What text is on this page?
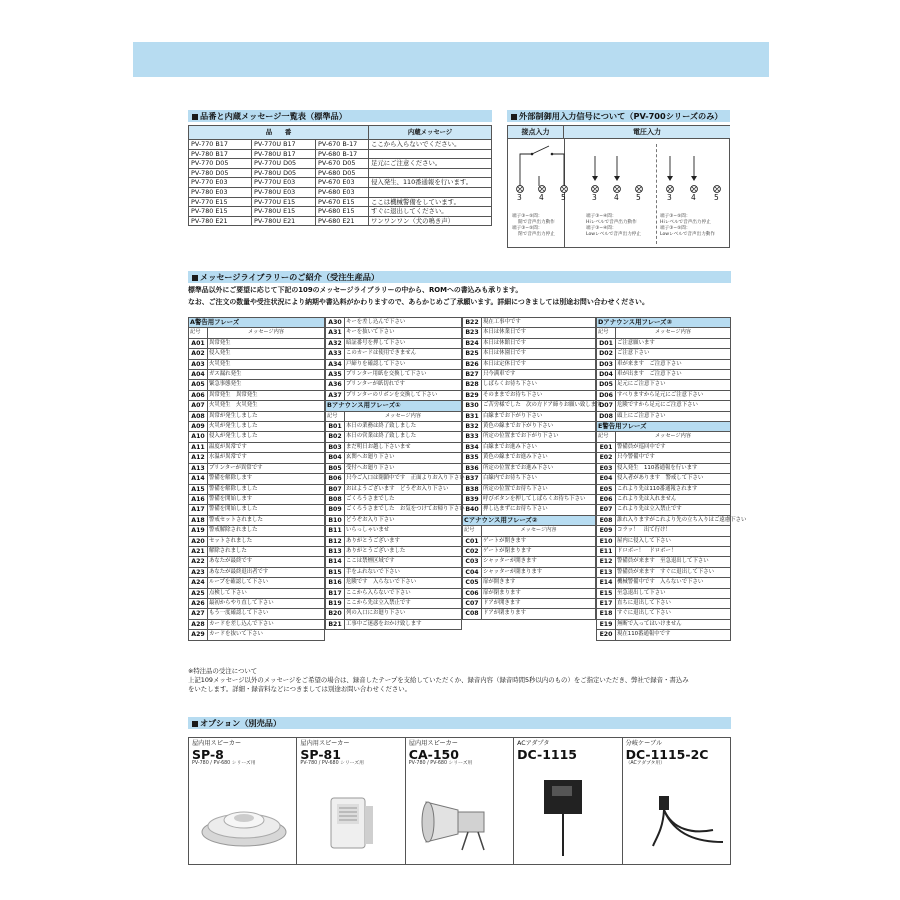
品番と内蔵メッセージ一覧表（標準品）	外部制御用入力信号について（PV-700シリーズのみ）
メッセージライブラリーのご紹介（受注生産品）
オプション（別売品）
品　　番			内蔵メッセージ
PV-770 B17	PV-770U B17	PV-670 B-17	ここから入らないでください。
PV-780 B17	PV-780U B17	PV-680 B-17	
PV-770 D05	PV-770U D05	PV-670 D05	足元にご注意ください。
PV-780 D05	PV-780U D05	PV-680 D05	
PV-770 E03	PV-770U E03	PV-670 E03	侵入発生、110番通報を行います。
PV-780 E03	PV-780U E03	PV-680 E03	
PV-770 E15	PV-770U E15	PV-670 E15	ここは機械警備をしています。
PV-780 E15	PV-780U E15	PV-680 E15	すぐに退出してください。
PV-780 E21	PV-780U E21	PV-680 E21	ワンワンワン（犬の鳴き声）
接点入力	電圧入力
3 4 5	3 4 5	3	4 5
端子③−⑤間：
開で音声出力動作
端子③−⑤間：
閉で音声出力停止
端子③−④間：
Hiレベルで音声出力動作
端子③−④間：
Lowレベルで音声出力停止
端子③−⑤間：
Hiレベルで音声出力停止
端子③−⑤間：
Lowレベルで音声出力動作
標準品以外にご要望に応じて下記の109のメッセージライブラリーの中から、ROMへの書込みも承ります。
なお、ご注文の数量や受注状況により納期や書込料がかわりますので、あらかじめご了承願います。詳細につきましては別途お問い合わせください。
A警告用フレーズ	
記号	メッセージ内容
A01	異常発生
A02	侵入発生
A03	火災発生
A04	ガス漏れ発生
A05	緊急事態発生
A06	異常発生　異常発生
A07	火災発生　火災発生
A08	異常が発生しました
A09	火災が発生しました
A10	侵入が発生しました
A11	温度が異常です
A12	水温が異常です
A13	プリンターが異常です
A14	警備を解除します
A15	警備を解除しました
A16	警備を開始します
A17	警備を開始しました
A18	警戒セットされました
A19	警戒解除されました
A20	セットされました
A21	解除されました
A22	あなたが最終です
A23	あなたが最終退出者です
A24	ループを確認して下さい
A25	点検して下さい
A26	最初からやり直して下さい
A27	もう一度確認して下さい
A28	カードを差し込んで下さい
A29	カードを抜いて下さい
A30	キーを差し込んで下さい
A31	キーを抜いて下さい
A32	暗証番号を押して下さい
A33	このカードは使用できません
A34	戸締りを確認して下さい
A35	プリンター用紙を交換して下さい
A36	プリンターが紙切れです
A37	プリンターのリボンを交換して下さい
Bアナウンス用フレーズ①	
記号	メッセージ内容
B01	本日の業務は終了致しました
B02	本日の営業は終了致しました
B03	まだ明日お越し下さいませ
B04	玄関へお廻り下さい
B05	受付へお廻り下さい
B06	只今ご入口は閉鎖中です　正面よりお入り下さい
B07	おはようございます　どうぞお入り下さい
B08	ごくろうさまでした
B09	ごくろうさまでした　お気をつけてお帰り下さい
B10	どうぞお入り下さい
B11	いらっしゃいませ
B12	ありがとうございます
B13	ありがとうございました
B14	ここは禁煙区域です
B15	手をふれないで下さい
B16	危険です　入らないで下さい
B17	ここから入らないで下さい
B19	ここから先は立入禁止です
B20	列の入口にお廻り下さい
B21	工事中ご迷惑をおかけ致します
B22	現在工事中です
B23	本日は休業日です
B24	本日は休館日です
B25	本日は休園日です
B26	本日は定休日です
B27	只今满車です
B28	しばらくお待ち下さい
B29	そのままでお待ち下さい
B30	ご苦労様でした　次の方ドア締りお願い致します
B31	白線までお下がり下さい
B32	黄色の線までお下がり下さい
B33	所定の位置までお下がり下さい
B34	白線までお進み下さい
B35	黄色の線までお進み下さい
B36	所定の位置までお進み下さい
B37	白線内でお待ち下さい
B38	所定の位置でお待ち下さい
B39	呼びボタンを押してしばらくお待ち下さい
B40	押し込まずにお待ち下さい
Cアナウンス用フレーズ②	
記号	メッセージ内容
C01	ゲートが開きます
C02	ゲートが閉まります
C03	シャッターが開きます
C04	シャッターが閉まります
C05	扉が開きます
C06	扉が閉まります
C07	ドアが開きます
C08	ドアが閉まります
Dアナウンス用フレーズ③	
記号	メッセージ内容
D01	ご注意願います
D02	ご注意下さい
D03	車が来ます　ご注意下さい
D04	車が出ます　ご注意下さい
D05	足元にご注意下さい
D06	すべりますから足元にご注意下さい
D07	危険ですから足元にご注意下さい
D08	頭上にご注意下さい
E警告用フレーズ	
記号	メッセージ内容
E01	警備員が巡回中です
E02	只今警備中です
E03	侵入発生　110番通報を行います
E04	侵入者があります　警戒して下さい
E05	これより先は110番通報されます
E06	これより先は入れません
E07	これより先は立入禁止です
E08	誰れ入りますがこれより先の立ち入りはご遠慮下さい
E09	コラッ！　出て行け！
E10	屋内に侵入して下さい
E11	ドロボー！　ドロボー！
E12	警備員が来ます　至急退出して下さい
E13	警備員が来ます　すぐに退出して下さい
E14	機械警備中です　入らないで下さい
E15	至急退出して下さい
E17	直ちに退出して下さい
E18	すぐに退出して下さい
E19	無断で入ってはいけません
E20	現在110番通報中です
※特注品の受注について
上記109メッセージ以外のメッセージをご希望の場合は、録音したテープを支給していただくか、録音内容（録音時間5秒以内のもの）をご指定いただき、弊社で録音・書込み
をいたします。詳細・録音料などにつきましては別途お問い合わせください。
屋内用スピーカー
SP-8
PV-780 / PV-680 シリーズ用

屋内用スピーカー
SP-81
PV-780 / PV-680 シリーズ用

屋内用スピーカー
CA-150
PV-780 / PV-680 シリーズ用

ACアダプタ
DC-1115

分岐ケーブル
DC-1115-2C
（ACアダプタ用）
